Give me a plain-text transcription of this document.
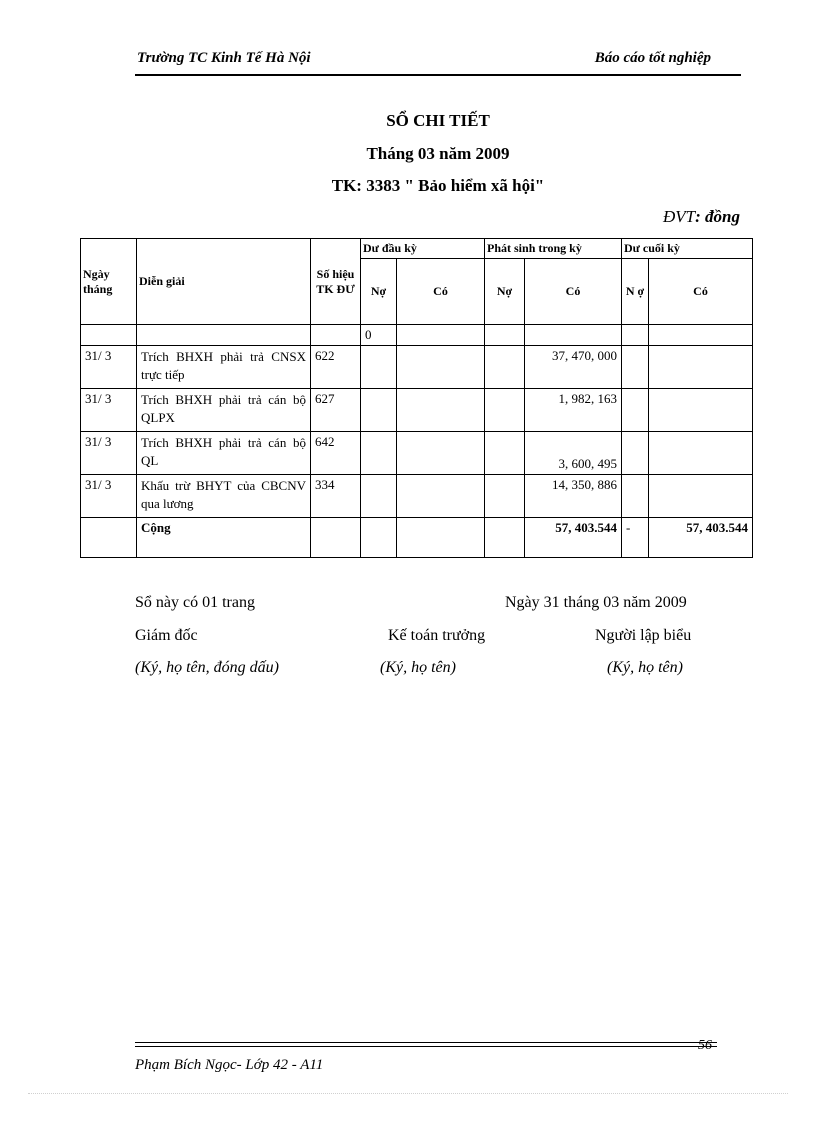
Trường TC Kinh Tế Hà Nội	Báo cáo tốt nghiệp
SỔ CHI TIẾT
Tháng 03 năm 2009
TK: 3383 " Bảo hiểm xã hội"
ĐVT: đồng
Ngày tháng	Diễn giải	Số hiệu TK ĐƯ	Dư đầu kỳ		Phát sinh trong kỳ		Dư cuối kỳ	
			Nợ	Có	Nợ	Có	N ợ	Có
			0					
31/ 3	Trích BHXH phải trả CNSX trực tiếp	622				37, 470, 000		
31/ 3	Trích BHXH phải trả cán bộ QLPX	627				1, 982, 163		
31/ 3	Trích BHXH phải trả cán bộ QL	642				3, 600, 495		
31/ 3	Khấu trừ BHYT của CBCNV qua lương	334				14, 350, 886		
	Cộng					57, 403.544	-	57, 403.544
Sổ này có 01 trang	Ngày 31 tháng 03 năm 2009
Giám đốc	Kế toán trưởng	Người lập biểu
(Ký, họ tên, đóng dấu)	(Ký, họ tên)	(Ký, họ tên)
56
Phạm Bích Ngọc- Lớp 42 - A11
